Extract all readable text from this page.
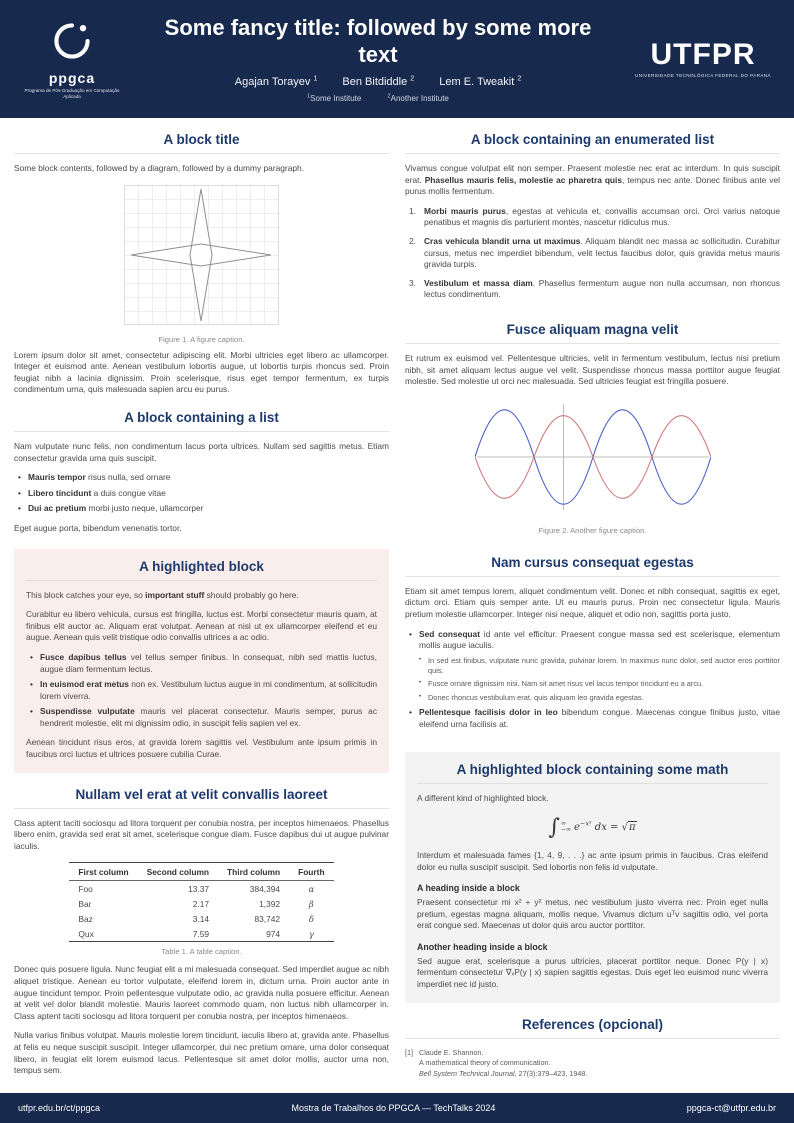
ppgca
Programa de Pós-Graduação em Computação Aplicada
Some fancy title: followed by some more text
Agajan Torayev $^1$ Ben Bitdiddle $^2$ Lem E. Tweakit $^2$
$^1$Some Institute	$^2$Another Institute
UTFPR
UNIVERSIDADE TECNOLÓGICA FEDERAL DO PARANÁ
A block title

Some block contents, followed by a diagram, followed by a dummy paragraph.

Figure 1. A figure caption.

Lorem ipsum dolor sit amet, consectetur adipiscing elit. Morbi ultricies eget libero ac ullamcorper. Integer et euismod ante. Aenean vestibulum lobortis augue, ut lobortis turpis rhoncus sed. Proin feugiat nibh a lacinia dignissim. Proin scelerisque, risus eget tempor fermentum, ex turpis condimentum urna, quis malesuada sapien arcu eu purus.

A block containing a list

Nam vulputate nunc felis, non condimentum lacus porta ultrices. Nullam sed sagittis metus. Etiam consectetur gravida urna quis suscipit.

• Mauris tempor risus nulla, sed ornare
• Libero tincidunt a duis congue vitae
• Dui ac pretium morbi justo neque, ullamcorper

Eget augue porta, bibendum venenatis tortor.

A highlighted block

This block catches your eye, so important stuff should probably go here.

Curabitur eu libero vehicula, cursus est fringilla, luctus est. Morbi consectetur mauris quam, at finibus elit auctor ac. Aliquam erat volutpat. Aenean at nisl ut ex ullamcorper eleifend et eu augue. Aenean quis velit tristique odio convallis ultrices a ac odio.

• Fusce dapibus tellus vel tellus semper finibus. In consequat, nibh sed mattis luctus, augue diam fermentum lectus.
• In euismod erat metus non ex. Vestibulum luctus augue in mi condimentum, at sollicitudin lorem viverra.
• Suspendisse vulputate mauris vel placerat consectetur. Mauris semper, purus ac hendrerit molestie, elit mi dignissim odio, in suscipit felis sapien vel ex.

Aenean tincidunt risus eros, at gravida lorem sagittis vel. Vestibulum ante ipsum primis in faucibus orci luctus et ultrices posuere cubilia Curae.

Nullam vel erat at velit convallis laoreet

Class aptent taciti sociosqu ad litora torquent per conubia nostra, per inceptos himenaeos. Phasellus libero enim, gravida sed erat sit amet, scelerisque congue diam. Fusce dapibus dui ut augue pulvinar iaculis.

First column	Second column	Third column	Fourth
Foo	13.37	384,394	α
Bar	2.17	1,392	β
Baz	3.14	83,742	δ
Qux	7.59	974	γ
Table 1. A table caption.

Donec quis posuere ligula. Nunc feugiat elit a mi malesuada consequat. Sed imperdiet augue ac nibh aliquet tristique. Aenean eu tortor vulputate, eleifend lorem in, dictum urna. Proin auctor ante in augue tincidunt tempor. Proin pellentesque vulputate odio, ac gravida nulla posuere efficitur. Aenean at velit vel dolor blandit molestie. Mauris laoreet commodo quam, non luctus nibh ullamcorper in. Class aptent taciti sociosqu ad litora torquent per conubia nostra, per inceptos himenaeos.

Nulla varius finibus volutpat. Mauris molestie lorem tincidunt, iaculis libero at, gravida ante. Phasellus at felis eu neque suscipit suscipit. Integer ullamcorper, dui nec pretium ornare, urna dolor consequat libero, in feugiat elit lorem euismod lacus. Pellentesque sit amet dolor mollis, auctor urna non, tempus sem.

A block containing an enumerated list

Vivamus congue volutpat elit non semper. Praesent molestie nec erat ac interdum. In quis suscipit erat. Phasellus mauris felis, molestie ac pharetra quis, tempus nec ante. Donec finibus ante vel purus mollis fermentum.

Morbi mauris purus, egestas at vehicula et, convallis accumsan orci. Orci varius natoque penatibus et magnis dis parturient montes, nascetur ridiculus mus.
Cras vehicula blandit urna ut maximus. Aliquam blandit nec massa ac sollicitudin. Curabitur cursus, metus nec imperdiet bibendum, velit lectus faucibus dolor, quis gravida metus mauris gravida turpis.
Vestibulum et massa diam. Phasellus fermentum augue non nulla accumsan, non rhoncus lectus condimentum.
Fusce aliquam magna velit

Et rutrum ex euismod vel. Pellentesque ultricies, velit in fermentum vestibulum, lectus nisi pretium nibh, sit amet aliquam lectus augue vel velit. Suspendisse rhoncus massa porttitor augue feugiat molestie. Sed molestie ut orci nec malesuada. Sed ultricies feugiat est fringilla posuere.

Figure 2. Another figure caption.
Nam cursus consequat egestas

Etiam sit amet tempus lorem, aliquet condimentum velit. Donec et nibh consequat, sagittis ex eget, dictum orci. Etiam quis semper ante. Ut eu mauris purus. Proin nec consectetur ligula. Mauris pretium molestie ullamcorper. Integer nisi neque, aliquet et odio non, sagittis porta justo.

• Sed consequat id ante vel efficitur. Praesent congue massa sed est scelerisque, elementum mollis augue iaculis.
• In sed est finibus, vulputate nunc gravida, pulvinar lorem. In maximus nunc dolor, sed auctor eros porttitor quis.
• Fusce ornare dignissim nisi. Nam sit amet risus vel lacus tempor tincidunt eu a arcu.
• Donec rhoncus vestibulum erat, quis aliquam leo gravida egestas.
• Pellentesque facilisis dolor in leo bibendum congue. Maecenas congue finibus justo, vitae eleifend urna facilisis at.
A highlighted block containing some math

A different kind of highlighted block.

∫ ∞
−∞ $e^{-x^2}$ dx = √π

Interdum et malesuada fames {1, 4, 9, . . .} ac ante ipsum primis in faucibus. Cras eleifend dolor eu nulla suscipit suscipit. Sed lobortis non felis id vulputate.

A heading inside a block

Praesent consectetur mi x² + y² metus, nec vestibulum justo viverra nec. Proin eget nulla pretium, egestas magna aliquam, mollis neque. Vivamus dictum uᵀv sagittis odio, vel porta erat congue sed. Maecenas ut dolor quis arcu auctor porttitor.

Another heading inside a block

Sed augue erat, scelerisque a purus ultricies, placerat porttitor neque. Donec P(y | x) fermentum consectetur ∇ₓP(y | x) sapien sagittis egestas. Duis eget leo euismod nunc viverra imperdiet nec id justo.

References (opcional)
[1] Claude E. Shannon.
A mathematical theory of communication.
Bell System Technical Journal, 27(3):379–423, 1948.
utfpr.edu.br/ct/ppgca	Mostra de Trabalhos do PPGCA — TechTalks 2024	ppgca-ct@utfpr.edu.br
